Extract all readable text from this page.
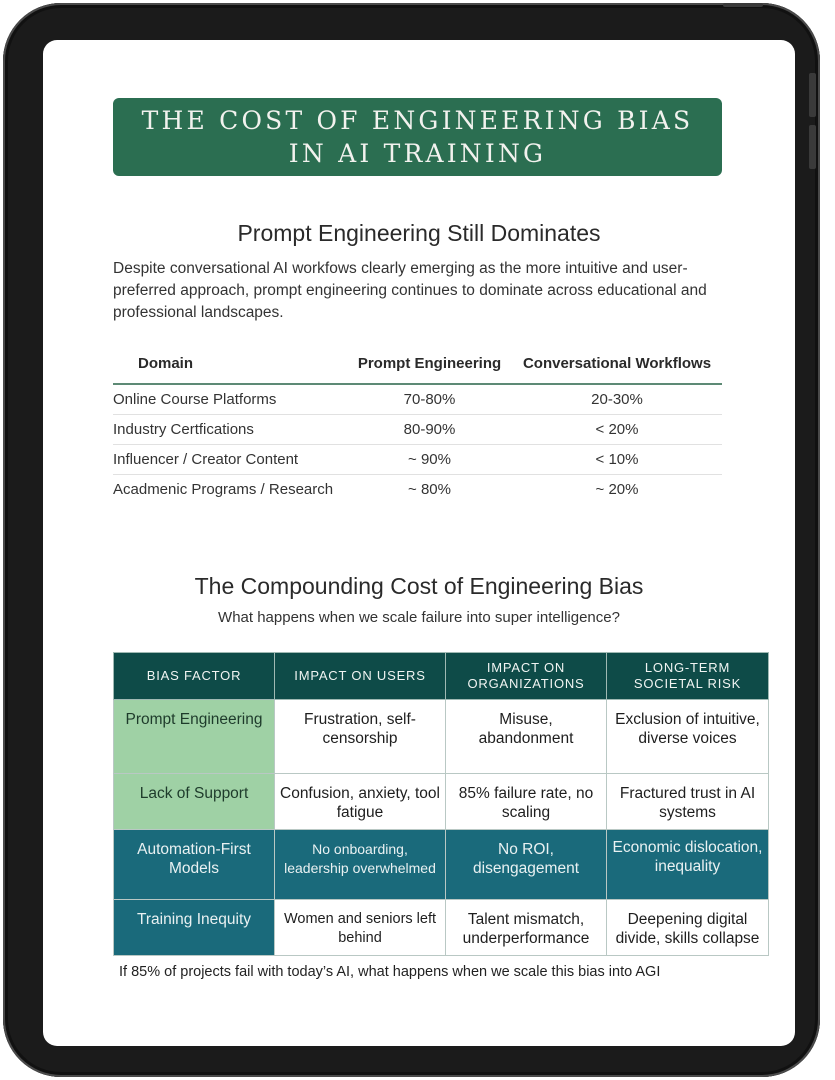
THE COST OF ENGINEERING BIAS
IN AI TRAINING
Prompt Engineering Still Dominates
Despite conversational AI workfows clearly emerging as the more intuitive and user-preferred approach, prompt engineering continues to dominate across educational and professional landscapes.
Domain	Prompt Engineering	Conversational Workflows
Online Course Platforms	70-80%	20-30%
Industry Certfications	80-90%	< 20%
Influencer / Creator Content	~ 90%	< 10%
Acadmenic Programs / Research	~ 80%	~ 20%
The Compounding Cost of Engineering Bias
What happens when we scale failure into super intelligence?
BIAS FACTOR	IMPACT ON USERS	IMPACT ON ORGANIZATIONS	LONG-TERM SOCIETAL RISK
Prompt Engineering	Frustration, self-censorship	Misuse, abandonment	Exclusion of intuitive, diverse voices
Lack of Support	Confusion, anxiety, tool fatigue	85% failure rate, no scaling	Fractured trust in AI systems
Automation-First Models	No onboarding, leadership overwhelmed	No ROI, disengagement	Economic dislocation, inequality
Training Inequity	Women and seniors left behind	Talent mismatch, underperformance	Deepening digital divide, skills collapse
If 85% of projects fail with today’s AI, what happens when we scale this bias into AGI
